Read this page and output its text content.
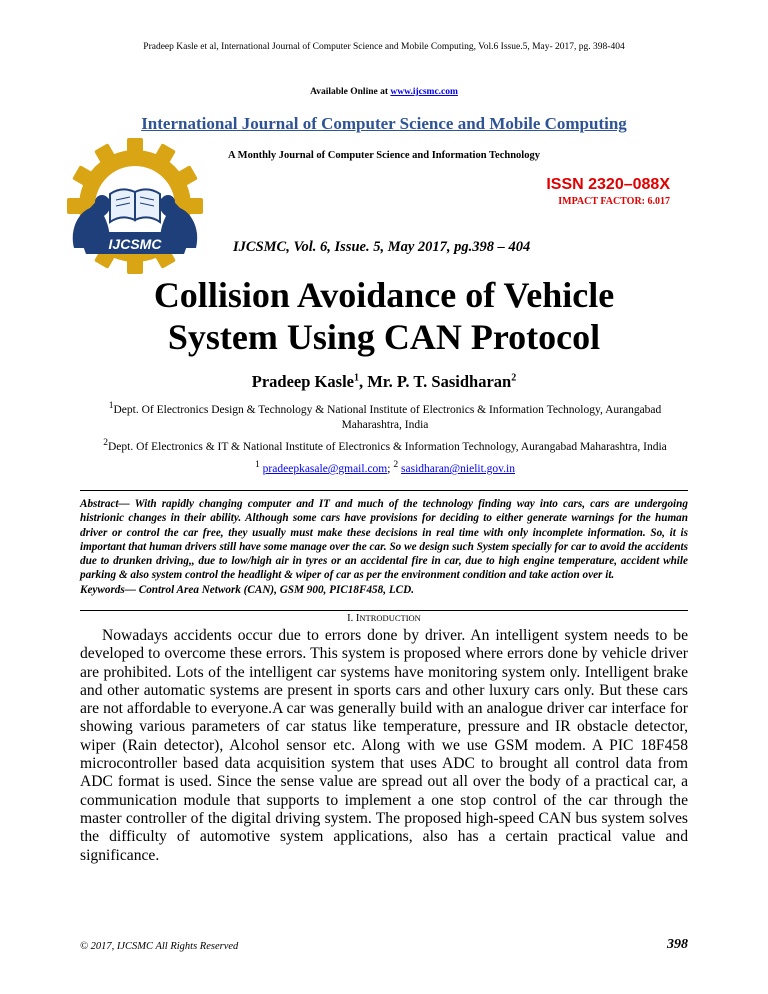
Pradeep Kasle et al, International Journal of Computer Science and Mobile Computing, Vol.6 Issue.5, May- 2017, pg. 398-404
Available Online at www.ijcsmc.com
International Journal of Computer Science and Mobile Computing
A Monthly Journal of Computer Science and Information Technology
IJCSMC
ISSN 2320–088X
IMPACT FACTOR: 6.017
IJCSMC, Vol. 6, Issue. 5, May 2017, pg.398 – 404
Collision Avoidance of Vehicle
System Using CAN Protocol
Pradeep Kasle$^1$, Mr. P. T. Sasidharan$^2$
$^1$Dept. Of Electronics Design & Technology & National Institute of Electronics & Information Technology, Aurangabad Maharashtra, India
$^2$Dept. Of Electronics & IT & National Institute of Electronics & Information Technology, Aurangabad Maharashtra, India
$^1$ pradeepkasale@gmail.com; $^2$ sasidharan@nielit.gov.in

Abstract— With rapidly changing computer and IT and much of the technology finding way into cars, cars are undergoing histrionic changes in their ability. Although some cars have provisions for deciding to either generate warnings for the human driver or control the car free, they usually must make these decisions in real time with only incomplete information. So, it is important that human drivers still have some manage over the car. So we design such System specially for car to avoid the accidents due to drunken driving,, due to low/high air in tyres or an accidental fire in car, due to high engine temperature, accident while parking & also system control the headlight & wiper of car as per the environment condition and take action over it.

Keywords— Control Area Network (CAN), GSM 900, PIC18F458, LCD.

I. INTRODUCTION

Nowadays accidents occur due to errors done by driver. An intelligent system needs to be developed to overcome these errors. This system is proposed where errors done by vehicle driver are prohibited. Lots of the intelligent car systems have monitoring system only. Intelligent brake and other automatic systems are present in sports cars and other luxury cars only. But these cars are not affordable to everyone.A car was generally build with an analogue driver car interface for showing various parameters of car status like temperature, pressure and IR obstacle detector, wiper (Rain detector), Alcohol sensor etc. Along with we use GSM modem. A PIC 18F458 microcontroller based data acquisition system that uses ADC to brought all control data from ADC format is used. Since the sense value are spread out all over the body of a practical car, a communication module that supports to implement a one stop control of the car through the master controller of the digital driving system. The proposed high-speed CAN bus system solves the difficulty of automotive system applications, also has a certain practical value and significance.

© 2017, IJCSMC All Rights Reserved	398
